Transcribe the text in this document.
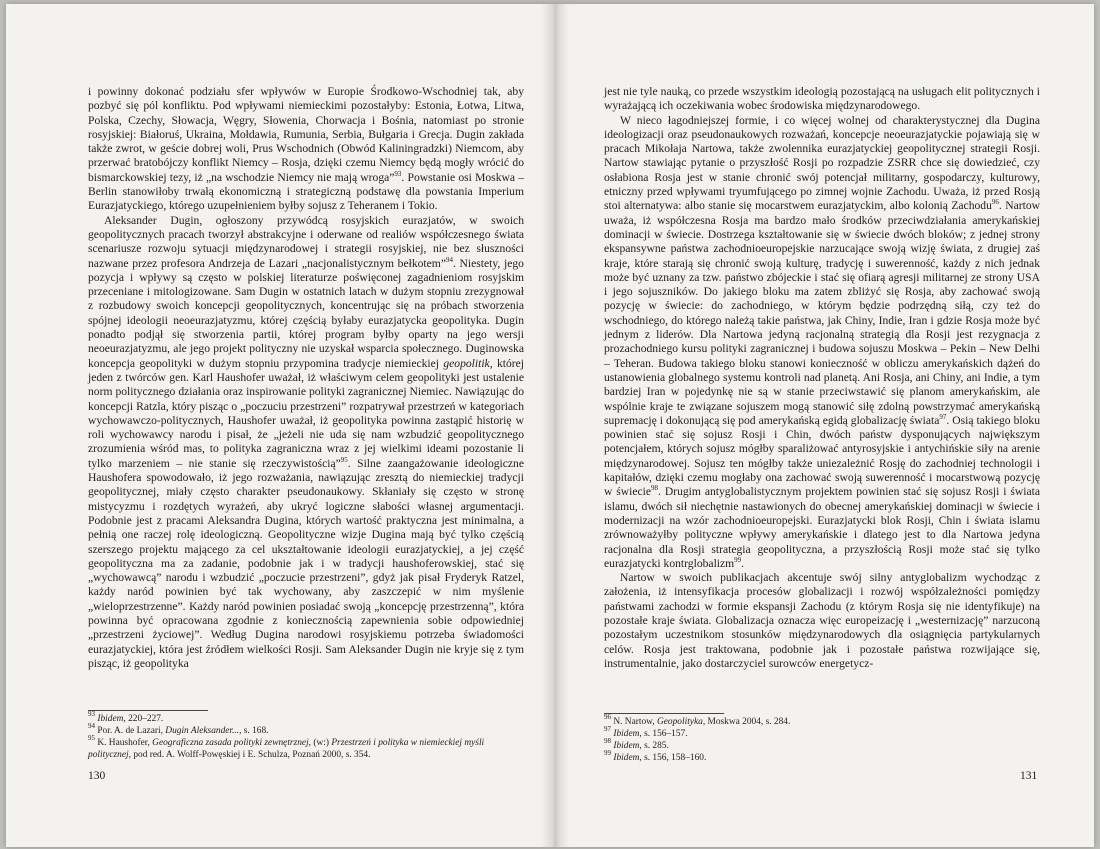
i powinny dokonać podziału sfer wpływów w Europie Środkowo-Wschodniej tak, aby pozbyć się pól konfliktu. Pod wpływami niemieckimi pozostałyby: Estonia, Łotwa, Litwa, Polska, Czechy, Słowacja, Węgry, Słowenia, Chorwacja i Bośnia, natomiast po stronie rosyjskiej: Białoruś, Ukraina, Mołdawia, Rumunia, Serbia, Bułgaria i Grecja. Dugin zakłada także zwrot, w geście dobrej woli, Prus Wschodnich (Obwód Kaliningradzki) Niemcom, aby przerwać bratobójczy konflikt Niemcy – Rosja, dzięki czemu Niemcy będą mogły wrócić do bismarckowskiej tezy, iż „na wschodzie Niemcy nie mają wroga”$^{93}$. Powstanie osi Moskwa – Berlin stanowiłoby trwałą ekonomiczną i strategiczną podstawę dla powstania Imperium Eurazjatyckiego, którego uzupełnieniem byłby sojusz z Teheranem i Tokio.

Aleksander Dugin, ogłoszony przywódcą rosyjskich eurazjatów, w swoich geopolitycznych pracach tworzył abstrakcyjne i oderwane od realiów współczesnego świata scenariusze rozwoju sytuacji międzynarodowej i strategii rosyjskiej, nie bez słuszności nazwane przez profesora Andrzeja de Lazari „nacjonalistycznym bełkotem”$^{94}$. Niestety, jego pozycja i wpływy są często w polskiej literaturze poświęconej zagadnieniom rosyjskim przeceniane i mitologizowane. Sam Dugin w ostatnich latach w dużym stopniu zrezygnował z rozbudowy swoich koncepcji geopolitycznych, koncentrując się na próbach stworzenia spójnej ideologii neoeurazjatyzmu, której częścią byłaby eurazjatycka geopolityka. Dugin ponadto podjął się stworzenia partii, której program byłby oparty na jego wersji neoeurazjatyzmu, ale jego projekt polityczny nie uzyskał wsparcia społecznego. Duginowska koncepcja geopolityki w dużym stopniu przypomina tradycje niemieckiej geopolitik, której jeden z twórców gen. Karl Haushofer uważał, iż właściwym celem geopolityki jest ustalenie norm politycznego działania oraz inspirowanie polityki zagranicznej Niemiec. Nawiązując do koncepcji Ratzla, który pisząc o „poczuciu przestrzeni” rozpatrywał przestrzeń w kategoriach wychowawczo-politycznych, Haushofer uważał, iż geopolityka powinna zastąpić historię w roli wychowawcy narodu i pisał, że „jeżeli nie uda się nam wzbudzić geopolitycznego zrozumienia wśród mas, to polityka zagraniczna wraz z jej wielkimi ideami pozostanie li tylko marzeniem – nie stanie się rzeczywistością”$^{95}$. Silne zaangażowanie ideologiczne Haushofera spowodowało, iż jego rozważania, nawiązując zresztą do niemieckiej tradycji geopolitycznej, miały często charakter pseudonaukowy. Skłaniały się często w stronę mistycyzmu i rozdętych wyrażeń, aby ukryć logiczne słabości własnej argumentacji. Podobnie jest z pracami Aleksandra Dugina, których wartość praktyczna jest minimalna, a pełnią one raczej rolę ideologiczną. Geopolityczne wizje Dugina mają być tylko częścią szerszego projektu mającego za cel ukształtowanie ideologii eurazjatyckiej, a jej część geopolityczna ma za zadanie, podobnie jak i w tradycji haushoferowskiej, stać się „wychowawcą” narodu i wzbudzić „poczucie przestrzeni”, gdyż jak pisał Fryderyk Ratzel, każdy naród powinien być tak wychowany, aby zaszczepić w nim myślenie „wieloprzestrzenne”. Każdy naród powinien posiadać swoją „koncepcję przestrzenną”, która powinna być opracowana zgodnie z koniecznością zapewnienia sobie odpowiedniej „przestrzeni życiowej”. Według Dugina narodowi rosyjskiemu potrzeba świadomości eurazjatyckiej, która jest źródłem wielkości Rosji. Sam Aleksander Dugin nie kryje się z tym pisząc, iż geopolityka

$^{93}$ Ibidem, 220–227.
$^{94}$ Por. A. de Lazari, Dugin Aleksander..., s. 168.
$^{95}$ K. Haushofer, Geograficzna zasada polityki zewnętrznej, (w:) Przestrzeń i polityka w niemieckiej myśli politycznej, pod red. A. Wolff-Powęskiej i E. Schulza, Poznań 2000, s. 354.
130

jest nie tyle nauką, co przede wszystkim ideologią pozostającą na usługach elit politycznych i wyrażającą ich oczekiwania wobec środowiska międzynarodowego.

W nieco łagodniejszej formie, i co więcej wolnej od charakterystycznej dla Dugina ideologizacji oraz pseudonaukowych rozważań, koncepcje neoeurazjatyckie pojawiają się w pracach Mikołaja Nartowa, także zwolennika eurazjatyckiej geopolitycznej strategii Rosji. Nartow stawiając pytanie o przyszłość Rosji po rozpadzie ZSRR chce się dowiedzieć, czy osłabiona Rosja jest w stanie chronić swój potencjał militarny, gospodarczy, kulturowy, etniczny przed wpływami tryumfującego po zimnej wojnie Zachodu. Uważa, iż przed Rosją stoi alternatywa: albo stanie się mocarstwem eurazjatyckim, albo kolonią Zachodu$^{96}$. Nartow uważa, iż współczesna Rosja ma bardzo mało środków przeciwdziałania amerykańskiej dominacji w świecie. Dostrzega kształtowanie się w świecie dwóch bloków; z jednej strony ekspansywne państwa zachodnioeuropejskie narzucające swoją wizję świata, z drugiej zaś kraje, które starają się chronić swoją kulturę, tradycję i suwerenność, każdy z nich jednak może być uznany za tzw. państwo zbójeckie i stać się ofiarą agresji militarnej ze strony USA i jego sojuszników. Do jakiego bloku ma zatem zbliżyć się Rosja, aby zachować swoją pozycję w świecie: do zachodniego, w którym będzie podrzędną siłą, czy też do wschodniego, do którego należą takie państwa, jak Chiny, Indie, Iran i gdzie Rosja może być jednym z liderów. Dla Nartowa jedyną racjonalną strategią dla Rosji jest rezygnacja z prozachodniego kursu polityki zagranicznej i budowa sojuszu Moskwa – Pekin – New Delhi – Teheran. Budowa takiego bloku stanowi konieczność w obliczu amerykańskich dążeń do ustanowienia globalnego systemu kontroli nad planetą. Ani Rosja, ani Chiny, ani Indie, a tym bardziej Iran w pojedynkę nie są w stanie przeciwstawić się planom amerykańskim, ale wspólnie kraje te związane sojuszem mogą stanowić siłę zdolną powstrzymać amerykańską supremację i dokonującą się pod amerykańską egidą globalizację świata$^{97}$. Osią takiego bloku powinien stać się sojusz Rosji i Chin, dwóch państw dysponujących największym potencjałem, których sojusz mógłby sparaliżować antyrosyjskie i antychińskie siły na arenie międzynarodowej. Sojusz ten mógłby także uniezależnić Rosję do zachodniej technologii i kapitałów, dzięki czemu mogłaby ona zachować swoją suwerenność i mocarstwową pozycję w świecie$^{98}$. Drugim antyglobalistycznym projektem powinien stać się sojusz Rosji i świata islamu, dwóch sił niechętnie nastawionych do obecnej amerykańskiej dominacji w świecie i modernizacji na wzór zachodnioeuropejski. Eurazjatycki blok Rosji, Chin i świata islamu zrównoważyłby polityczne wpływy amerykańskie i dlatego jest to dla Nartowa jedyna racjonalna dla Rosji strategia geopolityczna, a przyszłością Rosji może stać się tylko eurazjatycki kontrglobalizm$^{99}$.

Nartow w swoich publikacjach akcentuje swój silny antyglobalizm wychodząc z założenia, iż intensyfikacja procesów globalizacji i rozwój współzależności pomiędzy państwami zachodzi w formie ekspansji Zachodu (z którym Rosja się nie identyfikuje) na pozostałe kraje świata. Globalizacja oznacza więc europeizację i „westernizację” narzuconą pozostałym uczestnikom stosunków międzynarodowych dla osiągnięcia partykularnych celów. Rosja jest traktowana, podobnie jak i pozostałe państwa rozwijające się, instrumentalnie, jako dostarczyciel surowców energetycz-

$^{96}$ N. Nartow, Geopolityka, Moskwa 2004, s. 284.
$^{97}$ Ibidem, s. 156–157.
$^{98}$ Ibidem, s. 285.
$^{99}$ Ibidem, s. 156, 158–160.
131
